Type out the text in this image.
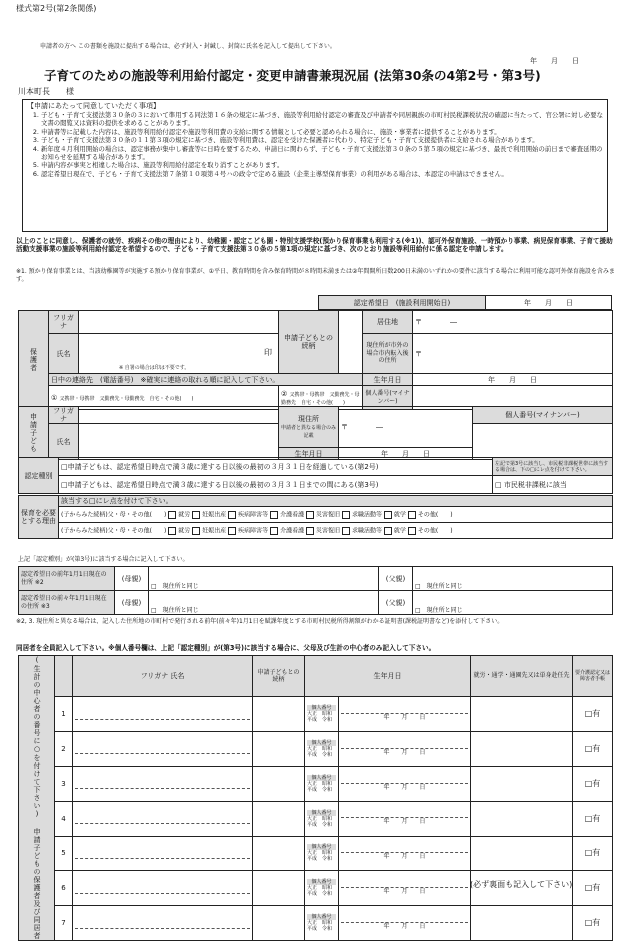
様式第2号(第2条関係)
申請者の方へ この書類を施設に提出する場合は、必ず封入・封緘し、封筒に氏名を記入して提出して下さい。
年　　月　　日
子育てのための施設等利用給付認定・変更申請書兼現況届 (法第30条の4第2号・第3号)
川本町長　　様
【申請にあたって同意していただく事項】
1. 子ども・子育て支援法第３０条の３において準用する同法第１６条の規定に基づき、施設等利用給付認定の審査及び申請者や同居親族の市町村民税課税状況の確認に当たって、官公署に対し必要な文書の閲覧又は資料の提供を求めることがあります。
2. 申請書等に記載した内容は、施設等利用給付認定や施設等利用費の支給に関する情報として必要と認められる場合に、施設・事業者に提供することがあります。
3. 子ども・子育て支援法第３０条の１１第３項の規定に基づき、施設等利用費は、認定を受けた保護者に代わり、特定子ども・子育て支援提供者に支給される場合があります。
4. 新年度４月利用開始の場合は、認定事務が集中し審査等に日時を要するため、申請日に関わらず、子ども・子育て支援法第３０条の５第５項の規定に基づき、最長で利用開始の前日まで審査延期のお知らせを延期する場合があります。
5. 申請内容が事実と相違した場合は、施設等利用給付認定を取り消すことがあります。
6. 認定希望日現在で、子ども・子育て支援法第７条第１０項第４号ハの政令で定める施設（企業主導型保育事業）の利用がある場合は、本認定の申請はできません。
以上のことに同意し、保護者の就労、疾病その他の理由により、幼稚園・認定こども園・特別支援学校(預かり保育事業も利用する(※1))、認可外保育施設、一時預かり事業、病児保育事業、子育て援助活動支援事業の施設等利用給付認定を希望するので、子ども・子育て支援法第３０条の５第1項の規定に基づき、次のとおり施設等利用給付に係る認定を申請します。
※1. 預かり保育事業とは、当該幼稚園等が実施する預かり保育事業が、①平日、教育時間を含み保育時間が８時間未満または②年間開所日数200日未満のいずれかの要件に該当する場合に利用可能な認可外保育施設を含みます。
認定希望日　(施設利用開始日)	年　　月　　日
保護者	フリガナ		申請子どもとの続柄		居住地	〒　　　　―
	氏名	印
※ 自署の場合は印は不要です。			現住所が市外の場合市内転入後の住所	〒
	日中の連絡先　(電話番号)　※確実に連絡の取れる順に記入して下さい。				生年月日	年　　月　　日
	① 父携帯・母携帯　父勤務先・母勤務先　自宅・その他(　　)		② 父携帯・母携帯　父勤務先・母勤務先　自宅・その他(　　)		個人番号(マイナンバー)	
申請子ども	フリガナ		現住所
申請者と異なる場合のみ記載	〒　　　　―	個人番号(マイナンバー)
	氏名				
			生年月日	年　　月　　日	
認定種別	□申請子どもは、認定希望日時点で満３歳に達する日以後の最初の３月３１日を経過している(第2号)	左記で第3号に該当し、市民税非課税世帯に該当する場合は、下の□にレ点を付けて下さい。
	□申請子どもは、認定希望日時点で満３歳に達する日以後の最初の３月３１日までの間にある(第3号)	□ 市民税非課税に該当
保育を必要とする理由	該当する□にレ点を付けて下さい。
(子からみた続柄)父・母・その他(　　) 就労 妊娠出産 疾病障害等 介護看護 災害復旧 求職活動等 就学 その他(　　)
(子からみた続柄)父・母・その他(　　) 就労 妊娠出産 疾病障害等 介護看護 災害復旧 求職活動等 就学 その他(　　)
上記「認定種別」が(第3号)に該当する場合に記入して下さい。
認定希望日の前年1月1日現在の住所 ※2	(母親)	□　現住所と同じ	(父親)	□　現住所と同じ
認定希望日の前々年1月1日現在の住所 ※3	(母親)	□　現住所と同じ	(父親)	□　現住所と同じ
※2, 3. 現住所と異なる場合は、記入した住所地の市町村で発行される前年(前々年)1月1日を賦課年度とする市町村民税所得割額がわかる証明書(課税証明書など)を添付して下さい。
同居者を全員記入して下さい。※個人番号欄は、上記「認定種別」が(第3号)に該当する場合に、父母及び生計の中心者のみ記入して下さい。
(生計の中心者の番号に○を付けて下さい) 申請子どもの保護者及び同居者		フリガナ 氏名	申請子どもとの続柄	生年月日		就労・通学・通園先又は単身赴任先	要介護認定又は障害者手帳
	1			個人番号
大正　昭和
平成　令和	年　　月　　日		□有
	2			個人番号
大正　昭和
平成　令和	年　　月　　日		□有
	3			個人番号
大正　昭和
平成　令和	年　　月　　日		□有
	4			個人番号
大正　昭和
平成　令和	年　　月　　日		□有
	5			個人番号
大正　昭和
平成　令和	年　　月　　日		□有
	6			個人番号
大正　昭和
平成　令和	年　　月　　日		□有
	7			個人番号
大正　昭和
平成　令和	年　　月　　日		□有
(必ず裏面も記入して下さい)
